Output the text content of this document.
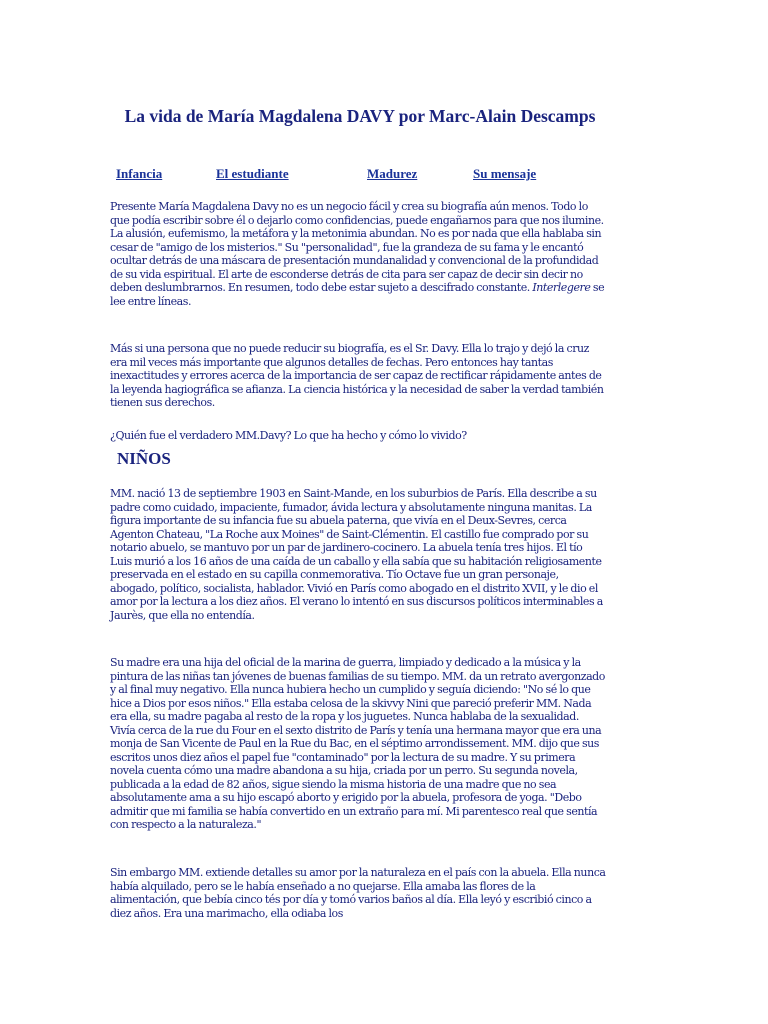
La vida de María Magdalena DAVY por Marc-Alain Descamps
Infancia	El estudiante	Madurez	Su mensaje

Presente María Magdalena Davy no es un negocio fácil y crea su biografía aún menos. Todo lo que podía escribir sobre él o dejarlo como confidencias, puede engañarnos para que nos ilumine. La alusión, eufemismo, la metáfora y la metonimia abundan. No es por nada que ella hablaba sin cesar de "amigo de los misterios." Su "personalidad", fue la grandeza de su fama y le encantó ocultar detrás de una máscara de presentación mundanalidad y convencional de la profundidad de su vida espiritual. El arte de esconderse detrás de cita para ser capaz de decir sin decir no deben deslumbrarnos. En resumen, todo debe estar sujeto a descifrado constante. Interlegere se lee entre líneas.

Más si una persona que no puede reducir su biografía, es el Sr. Davy. Ella lo trajo y dejó la cruz era mil veces más importante que algunos detalles de fechas. Pero entonces hay tantas inexactitudes y errores acerca de la importancia de ser capaz de rectificar rápidamente antes de la leyenda hagiográfica se afianza. La ciencia histórica y la necesidad de saber la verdad también tienen sus derechos.

¿Quién fue el verdadero MM.Davy? Lo que ha hecho y cómo lo vivido?

NIÑOS

MM. nació 13 de septiembre 1903 en Saint-Mande, en los suburbios de París. Ella describe a su padre como cuidado, impaciente, fumador, ávida lectura y absolutamente ninguna manitas. La figura importante de su infancia fue su abuela paterna, que vivía en el Deux-Sevres, cerca Agenton Chateau, "La Roche aux Moines" de Saint-Clémentin. El castillo fue comprado por su notario abuelo, se mantuvo por un par de jardinero-cocinero. La abuela tenía tres hijos. El tío Luis murió a los 16 años de una caída de un caballo y ella sabía que su habitación religiosamente preservada en el estado en su capilla conmemorativa. Tío Octave fue un gran personaje, abogado, político, socialista, hablador. Vivió en París como abogado en el distrito XVII, y le dio el amor por la lectura a los diez años. El verano lo intentó en sus discursos políticos interminables a Jaurès, que ella no entendía.

Su madre era una hija del oficial de la marina de guerra, limpiado y dedicado a la música y la pintura de las niñas tan jóvenes de buenas familias de su tiempo. MM. da un retrato avergonzado y al final muy negativo. Ella nunca hubiera hecho un cumplido y seguía diciendo: "No sé lo que hice a Dios por esos niños." Ella estaba celosa de la skivvy Nini que pareció preferir MM. Nada era ella, su madre pagaba al resto de la ropa y los juguetes. Nunca hablaba de la sexualidad. Vivía cerca de la rue du Four en el sexto distrito de París y tenía una hermana mayor que era una monja de San Vicente de Paul en la Rue du Bac, en el séptimo arrondissement. MM. dijo que sus escritos unos diez años el papel fue "contaminado" por la lectura de su madre. Y su primera novela cuenta cómo una madre abandona a su hija, criada por un perro. Su segunda novela, publicada a la edad de 82 años, sigue siendo la misma historia de una madre que no sea absolutamente ama a su hijo escapó aborto y erigido por la abuela, profesora de yoga. "Debo admitir que mi familia se había convertido en un extraño para mí. Mi parentesco real que sentía con respecto a la naturaleza."

Sin embargo MM. extiende detalles su amor por la naturaleza en el país con la abuela. Ella nunca había alquilado, pero se le había enseñado a no quejarse. Ella amaba las flores de la alimentación, que bebía cinco tés por día y tomó varios baños al día. Ella leyó y escribió cinco a diez años. Era una marimacho, ella odiaba los
